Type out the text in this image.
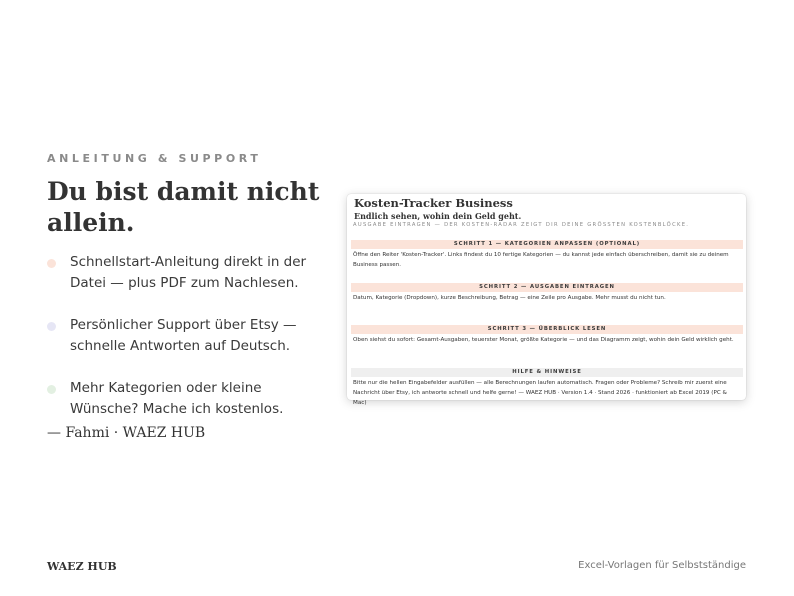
ANLEITUNG & SUPPORT
Du bist damit nicht allein.
Schnellstart-Anleitung direkt in der Datei — plus PDF zum Nachlesen.
Persönlicher Support über Etsy — schnelle Antworten auf Deutsch.
Mehr Kategorien oder kleine Wünsche? Mache ich kostenlos.
— Fahmi · WAEZ HUB
Kosten-Tracker Business
Endlich sehen, wohin dein Geld geht.
AUSGABE EINTRAGEN — DER KOSTEN-RADAR ZEIGT DIR DEINE GRÖSSTEN KOSTENBLÖCKE.
SCHRITT 1 — KATEGORIEN ANPASSEN (OPTIONAL)
Öffne den Reiter 'Kosten-Tracker'. Links findest du 10 fertige Kategorien — du kannst jede einfach überschreiben, damit sie zu deinem Business passen.
SCHRITT 2 — AUSGABEN EINTRAGEN
Datum, Kategorie (Dropdown), kurze Beschreibung, Betrag — eine Zeile pro Ausgabe. Mehr musst du nicht tun.
SCHRITT 3 — ÜBERBLICK LESEN
Oben siehst du sofort: Gesamt-Ausgaben, teuerster Monat, größte Kategorie — und das Diagramm zeigt, wohin dein Geld wirklich geht.
HILFE & HINWEISE
Bitte nur die hellen Eingabefelder ausfüllen — alle Berechnungen laufen automatisch. Fragen oder Probleme? Schreib mir zuerst eine Nachricht über Etsy, ich antworte schnell und helfe gerne! — WAEZ HUB · Version 1.4 · Stand 2026 · funktioniert ab Excel 2019 (PC & Mac)
WAEZ HUB	Excel-Vorlagen für Selbstständige
